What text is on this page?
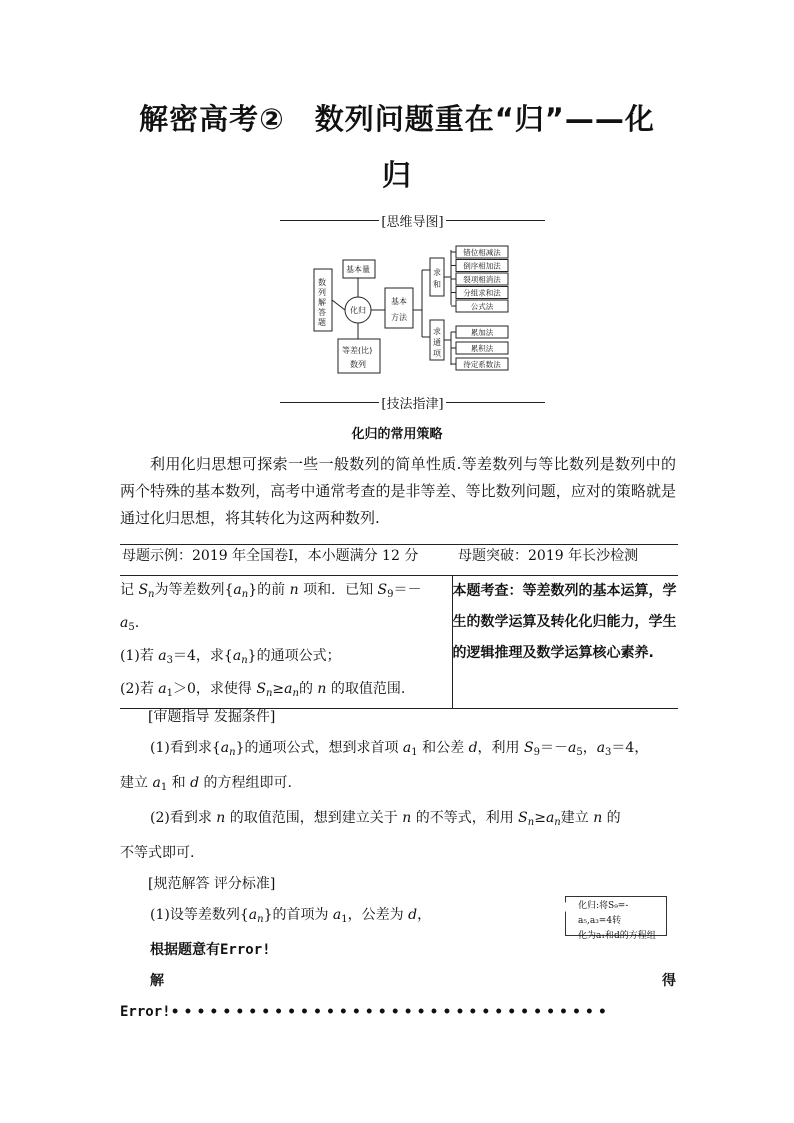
解密高考②　数列问题重在“归”——化
归
[思维导图]
错位相减法
倒序相加法
裂项相消法
分组求和法
公式法
累加法
累积法
待定系数法
数
列
解
答
题
化归
基本量
等差(比)
数列
基本
方法
求
和
求
通
项
[技法指津]
化归的常用策略

利用化归思想可探索一些一般数列的简单性质.等差数列与等比数列是数列中的两个特殊的基本数列，高考中通常考查的是非等差、等比数列问题，应对的策略就是通过化归思想，将其转化为这两种数列.

母题示例：2019 年全国卷Ⅰ，本小题满分 12 分	母题突破：2019 年长沙检测
记 $S_n$为等差数列$\{a_n\}$的前 n 项和．已知 $S_9=-$
$a_5$.
(1)若 $a_3=4$，求$\{a_n\}$的通项公式；
(2)若 $a_1>0$，求使得 $S_n\ge a_n$的 n 的取值范围.	本题考查：等差数列的基本运算，学生的数学运算及转化化归能力，学生的逻辑推理及数学运算核心素养.

[审题指导 发掘条件]

(1)看到求$\{a_n\}$的通项公式，想到求首项 $a_1$ 和公差 d，利用 $S_9=-a_5$，$a_3=4$，

建立 $a_1$ 和 d 的方程组即可.

(2)看到求 n 的取值范围，想到建立关于 n 的不等式，利用 $S_n\ge a_n$建立 n 的

不等式即可.

[规范解答 评分标准]

(1)设等差数列$\{a_n\}$的首项为 $a_1$，公差为 d，

根据题意有Error!

解	得

Error!••••••••••••••••••••••••••••••••••

化归:将S₉=-a₅,a₃=4转
化为a₁和d的方程组
